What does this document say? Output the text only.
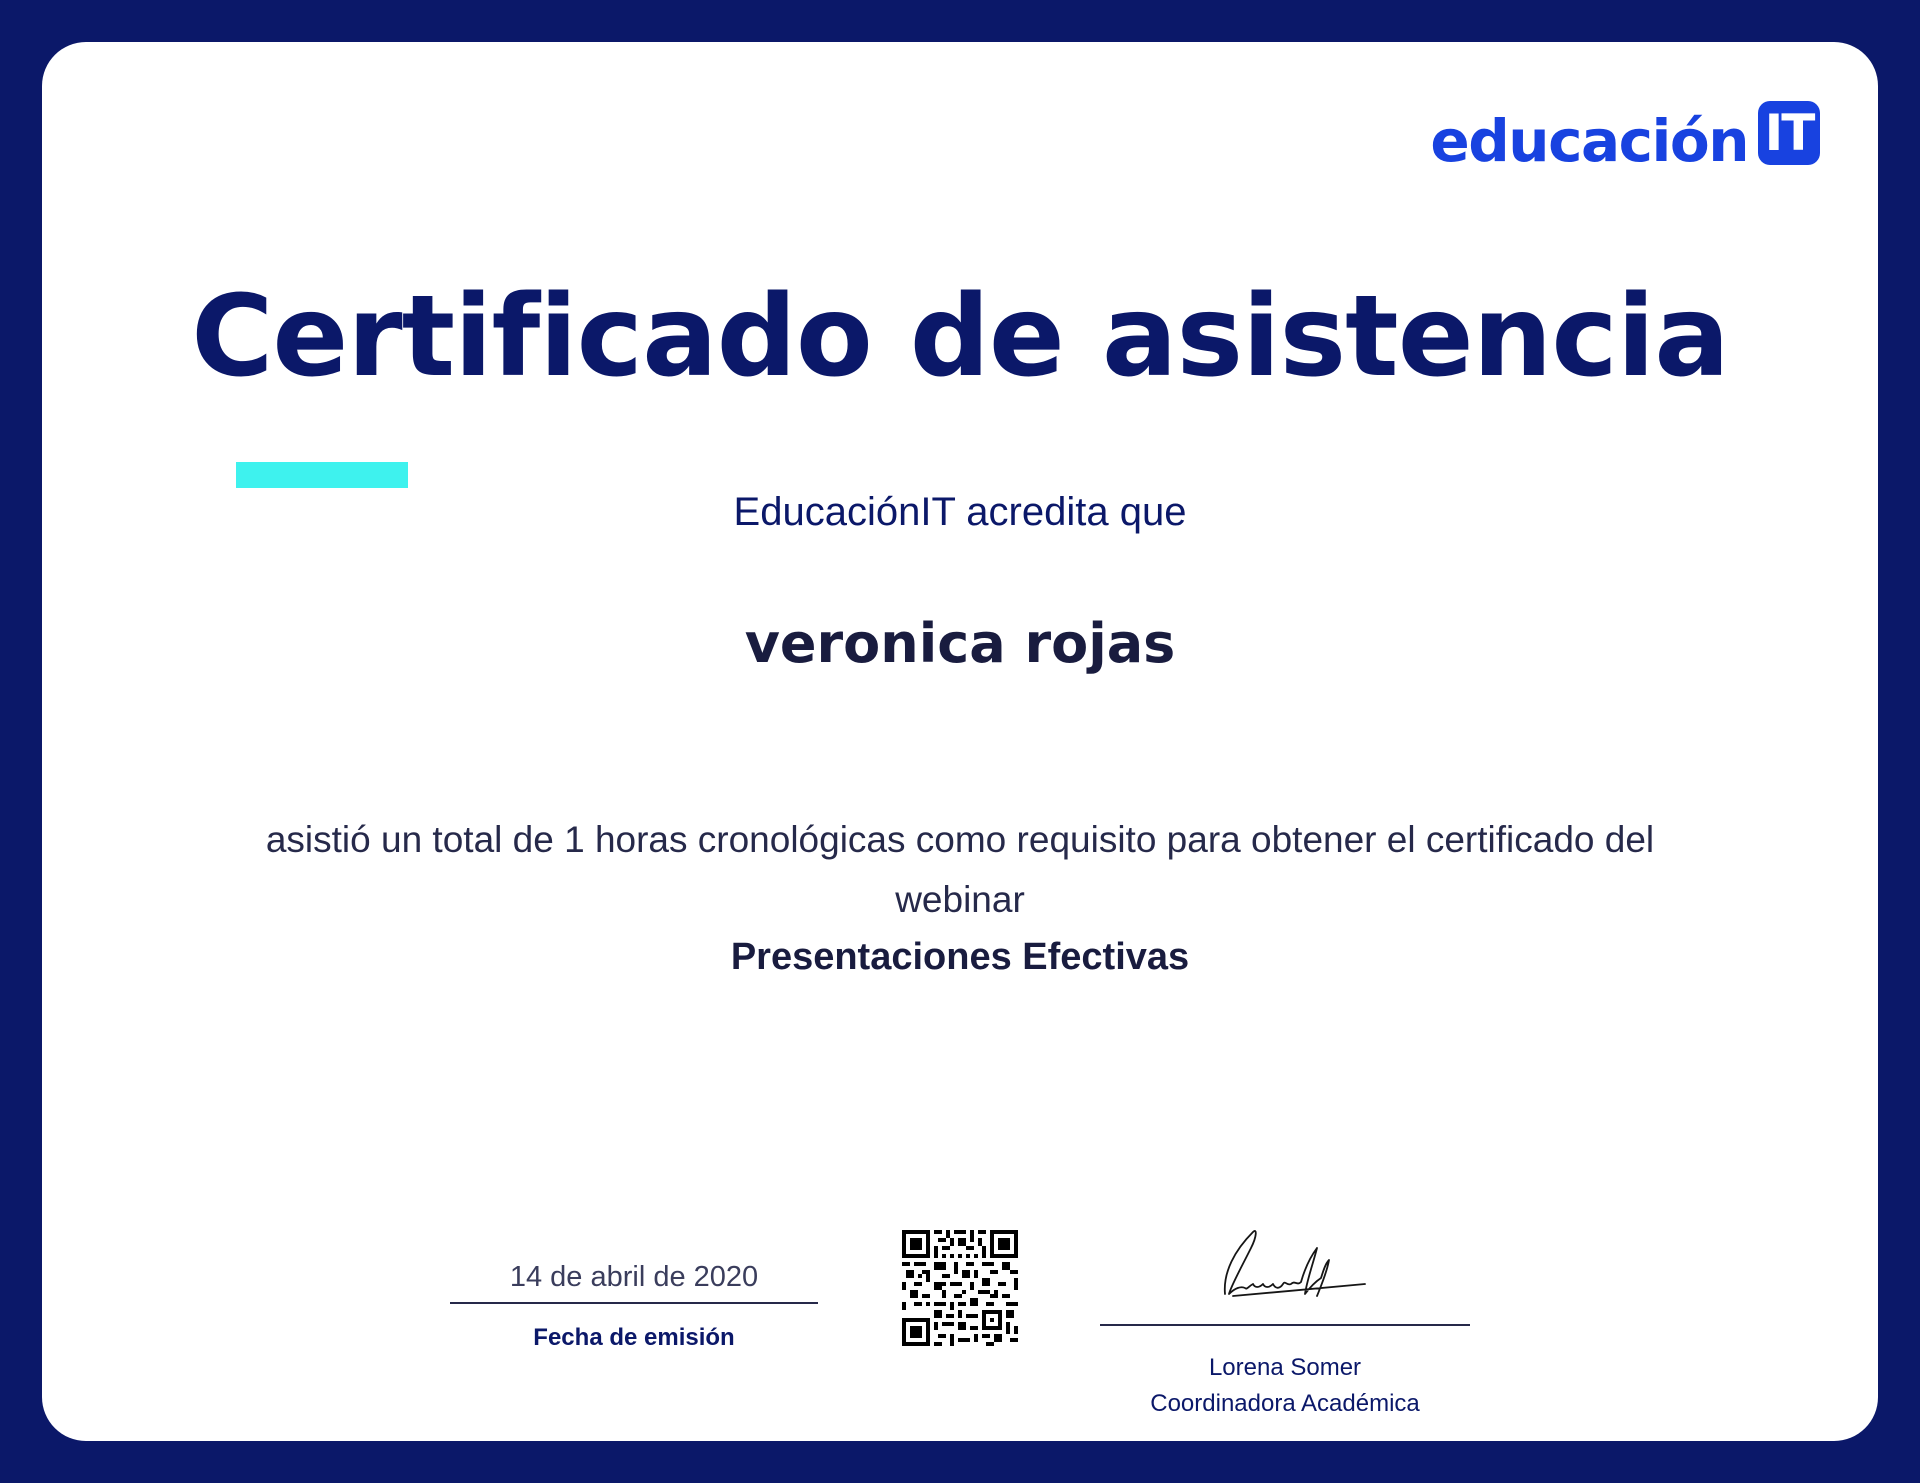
educación IT
Certificado de asistencia
EducaciónIT acredita que
veronica rojas
asistió un total de 1 horas cronológicas como requisito para obtener el certificado del webinar
Presentaciones Efectivas
14 de abril de 2020
Fecha de emisión
Lorena Somer
Coordinadora Académica
